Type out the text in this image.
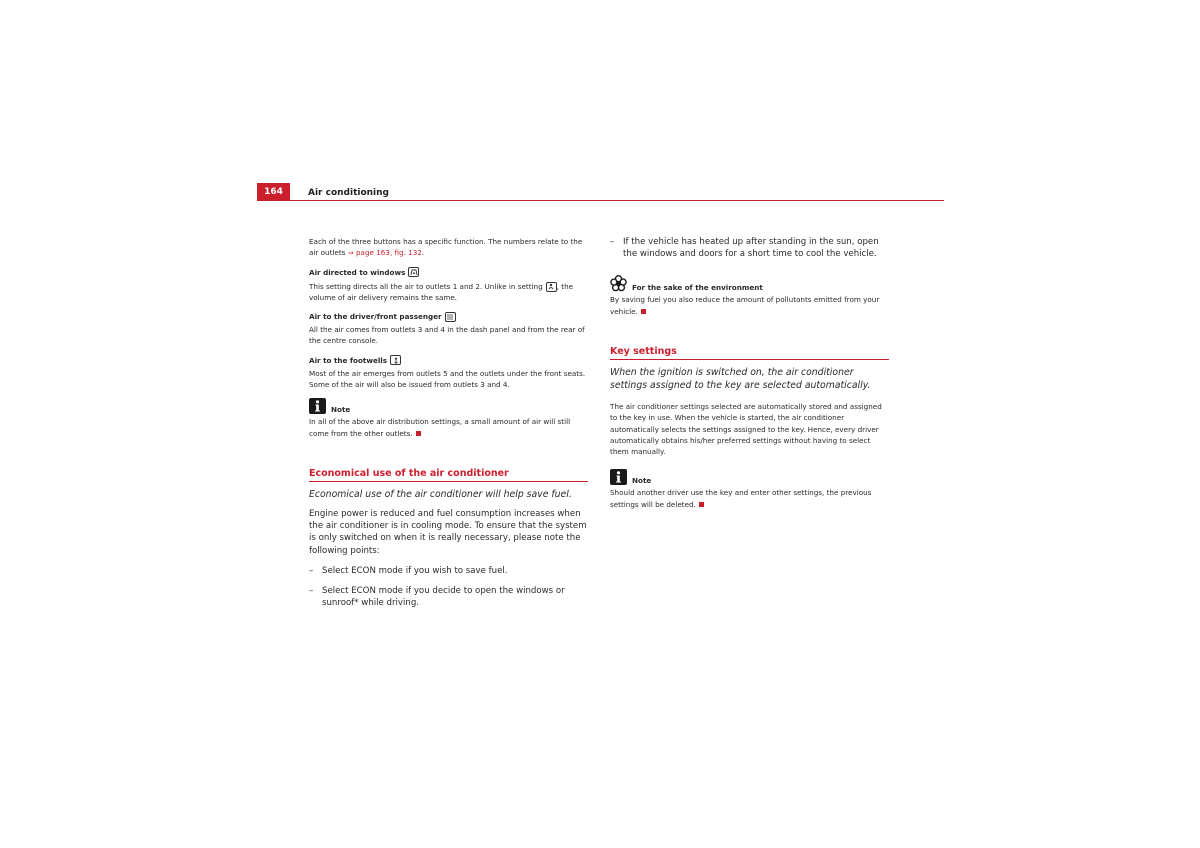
164	Air conditioning

Each of the three buttons has a specific function. The numbers relate to the
air outlets ⇒ page 163, fig. 132.

Air directed to windows

This setting directs all the air to outlets 1 and 2. Unlike in setting , the
volume of air delivery remains the same.

Air to the driver/front passenger

All the air comes from outlets 3 and 4 in the dash panel and from the rear of the centre console.

Air to the footwells

Most of the air emerges from outlets 5 and the outlets under the front seats. Some of the air will also be issued from outlets 3 and 4.

Note

In all of the above air distribution settings, a small amount of air will still come from the other outlets.

Economical use of the air conditioner

Economical use of the air conditioner will help save fuel.

Engine power is reduced and fuel consumption increases when the air conditioner is in cooling mode. To ensure that the system is only switched on when it is really necessary, please note the following points:

–	Select ECON mode if you wish to save fuel.
–	Select ECON mode if you decide to open the windows or sunroof* while driving.
–	If the vehicle has heated up after standing in the sun, open the windows and doors for a short time to cool the vehicle.
For the sake of the environment

By saving fuel you also reduce the amount of pollutants emitted from your vehicle.

Key settings

When the ignition is switched on, the air conditioner settings assigned to the key are selected automatically.

The air conditioner settings selected are automatically stored and assigned to the key in use. When the vehicle is started, the air conditioner automatically selects the settings assigned to the key. Hence, every driver automatically obtains his/her preferred settings without having to select them manually.

Note

Should another driver use the key and enter other settings, the previous settings will be deleted.
